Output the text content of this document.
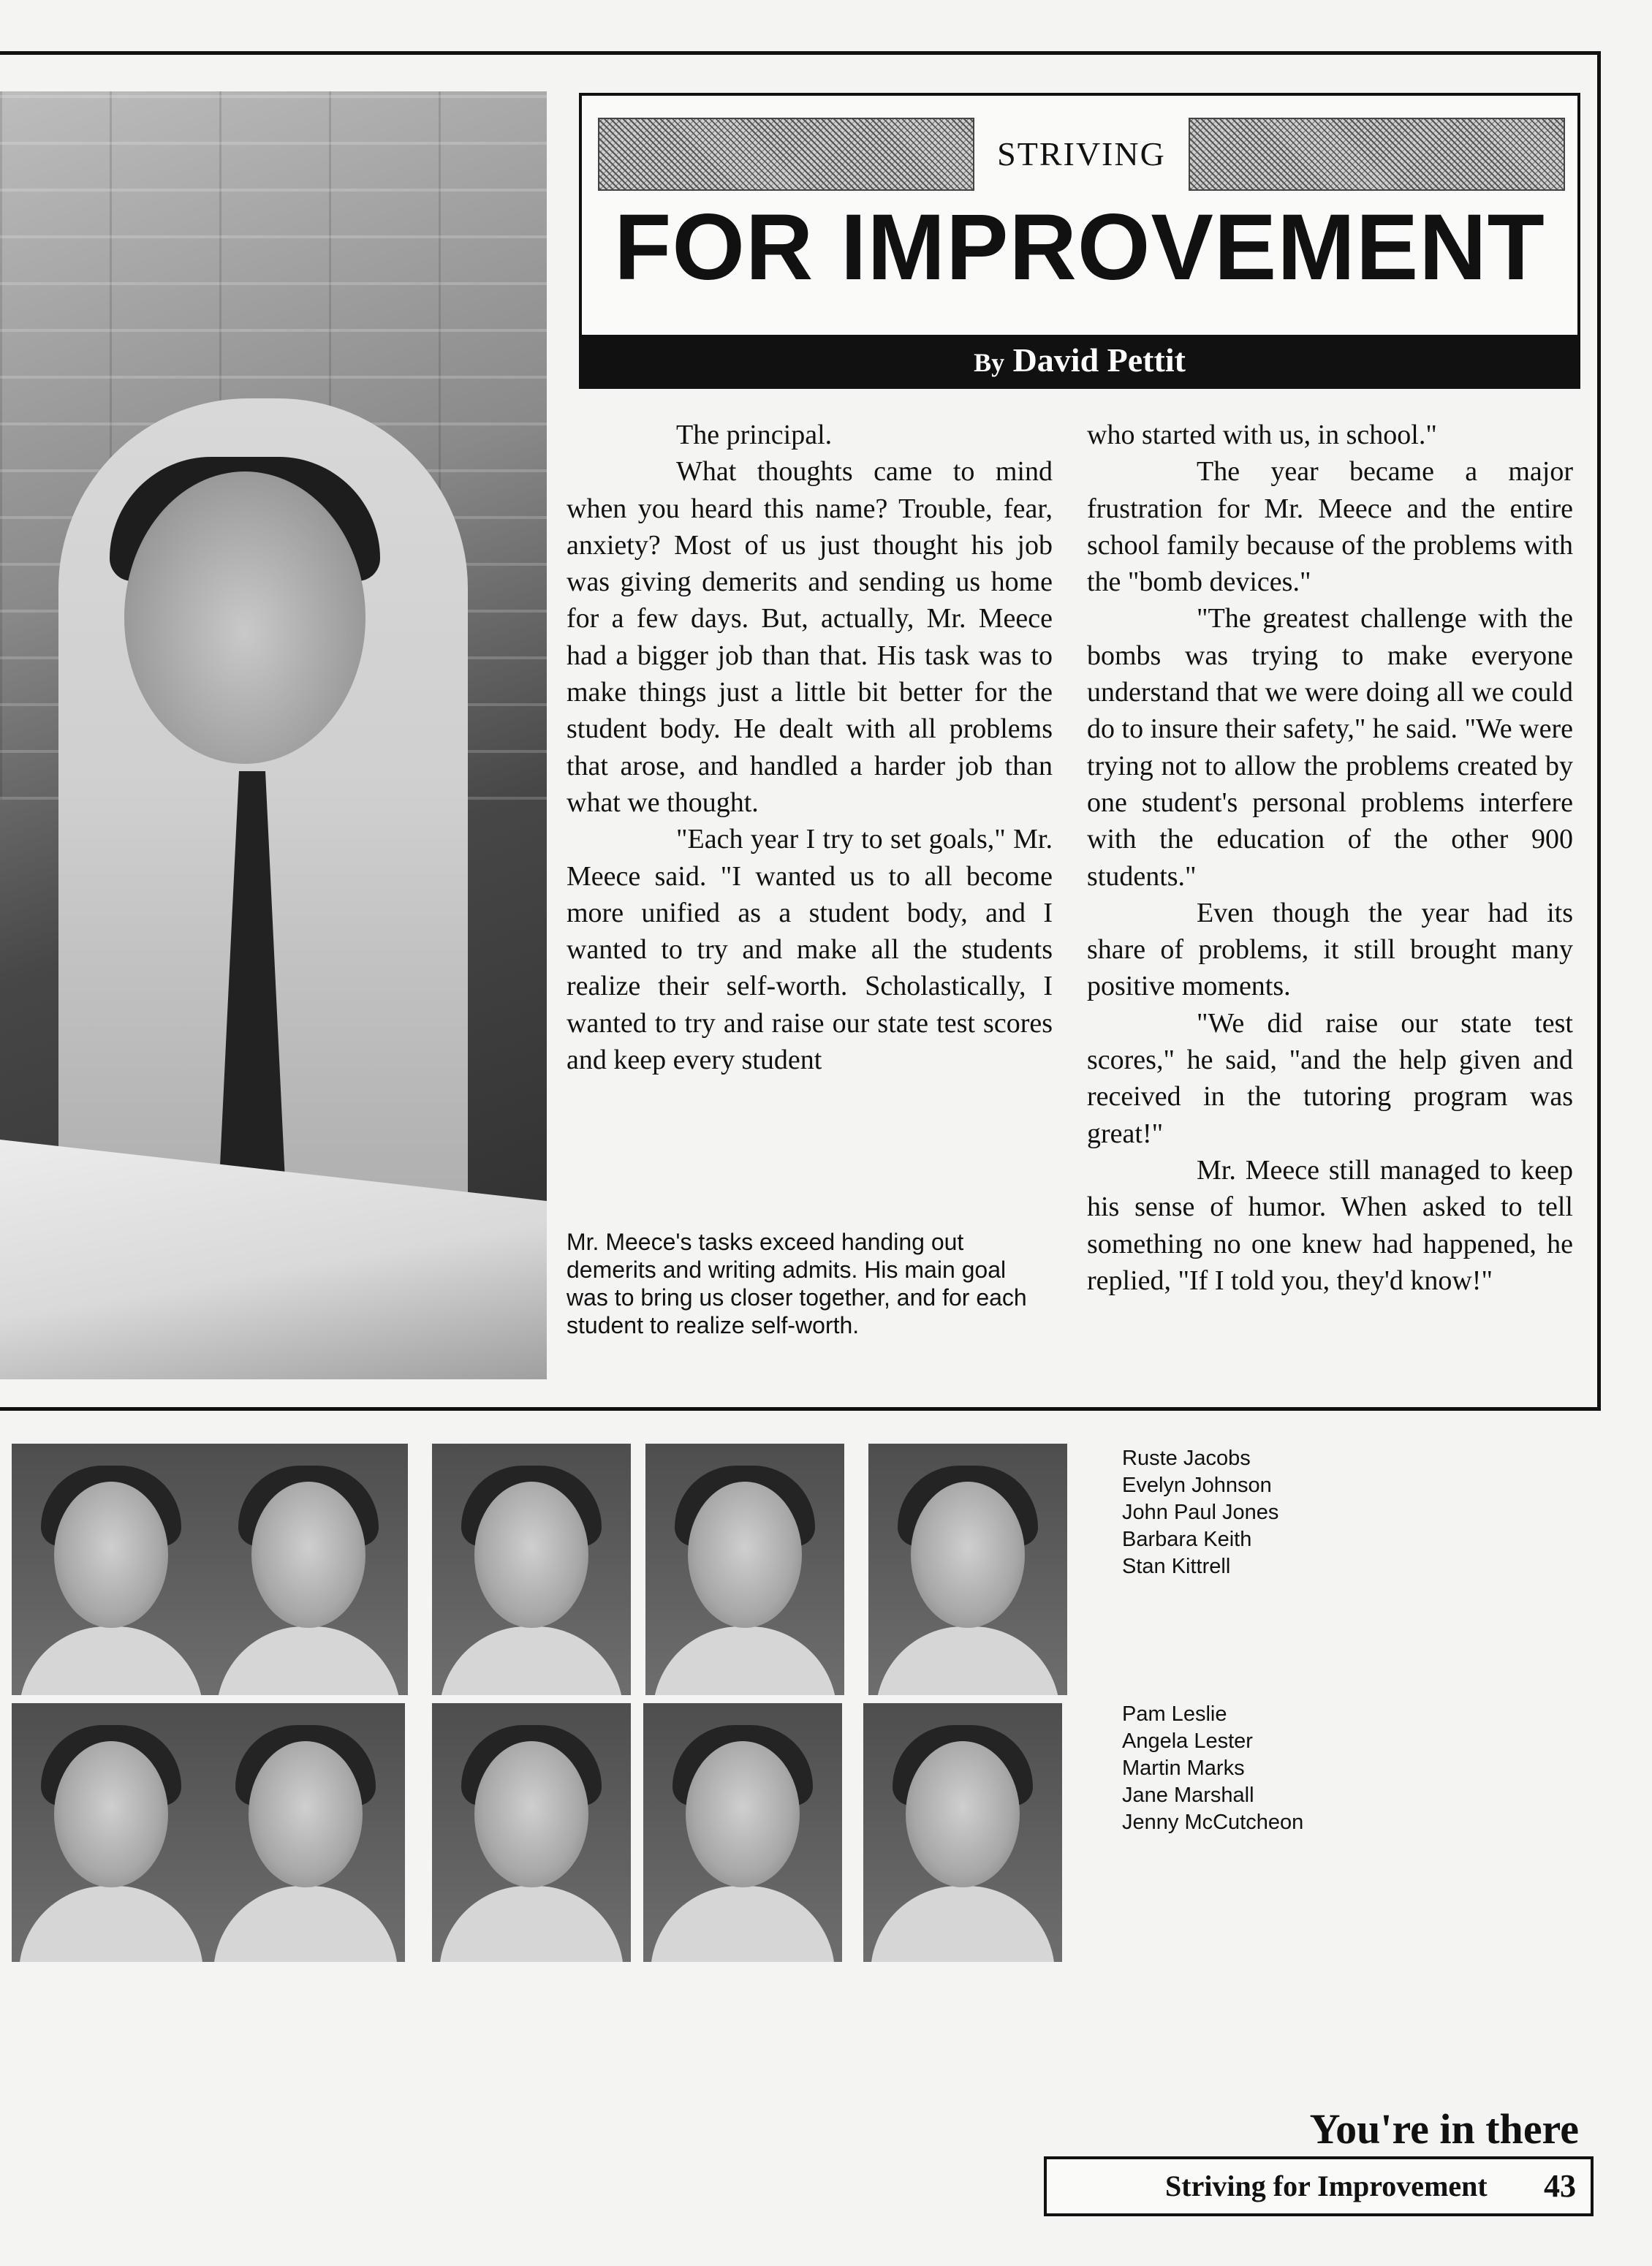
STRIVING
FOR IMPROVEMENT
By David Pettit

The principal.

What thoughts came to mind when you heard this name? Trouble, fear, anxiety? Most of us just thought his job was giving demerits and sending us home for a few days. But, actually, Mr. Meece had a bigger job than that. His task was to make things just a little bit better for the student body. He dealt with all problems that arose, and handled a harder job than what we thought.

"Each year I try to set goals," Mr. Meece said. "I wanted us to all become more unified as a student body, and I wanted to try and make all the students realize their self-worth. Scholastically, I wanted to try and raise our state test scores and keep every student

Mr. Meece's tasks exceed handing out demerits and writing admits. His main goal was to bring us closer together, and for each student to realize self-worth.

who started with us, in school."

The year became a major frustration for Mr. Meece and the entire school family because of the problems with the "bomb devices."

"The greatest challenge with the bombs was trying to make everyone understand that we were doing all we could do to insure their safety," he said. "We were trying not to allow the problems created by one student's personal problems interfere with the education of the other 900 students."

Even though the year had its share of problems, it still brought many positive moments.

"We did raise our state test scores," he said, "and the help given and received in the tutoring program was great!"

Mr. Meece still managed to keep his sense of humor. When asked to tell something no one knew had happened, he replied, "If I told you, they'd know!"

Ruste Jacobs
Evelyn Johnson
John Paul Jones
Barbara Keith
Stan Kittrell
Pam Leslie
Angela Lester
Martin Marks
Jane Marshall
Jenny McCutcheon
You're in there
Striving for Improvement 43
